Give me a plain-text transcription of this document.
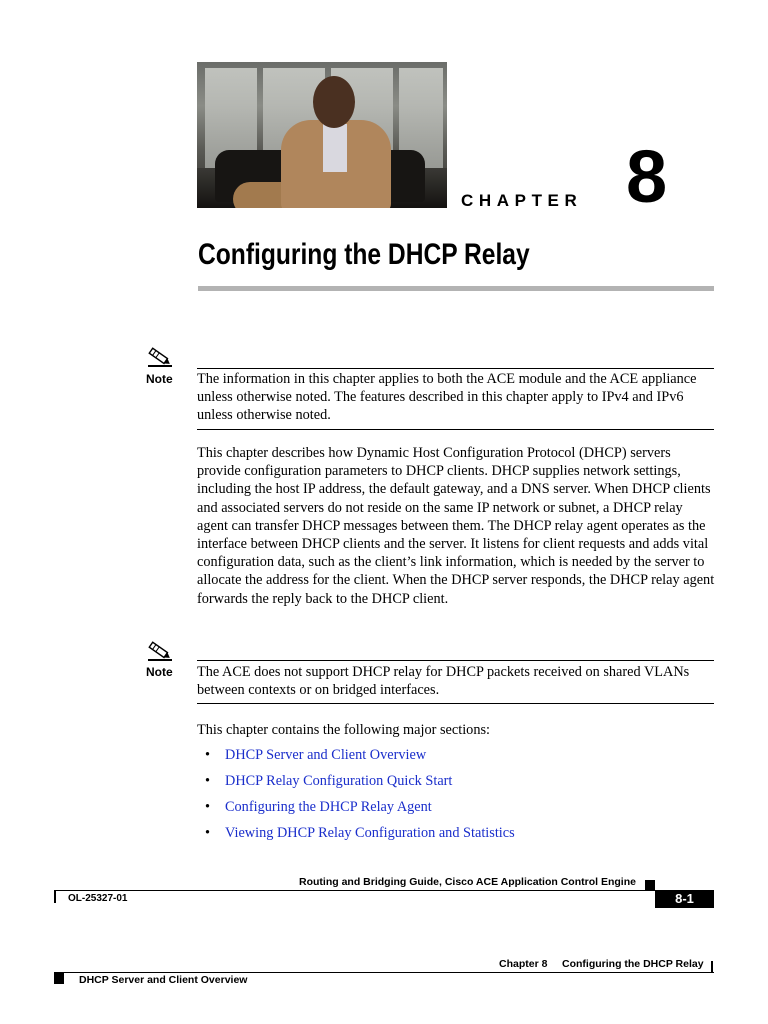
CHAPTER 8
Configuring the DHCP Relay
Note The information in this chapter applies to both the ACE module and the ACE appliance unless otherwise noted. The features described in this chapter apply to IPv4 and IPv6 unless otherwise noted.
This chapter describes how Dynamic Host Configuration Protocol (DHCP) servers provide configuration parameters to DHCP clients. DHCP supplies network settings, including the host IP address, the default gateway, and a DNS server. When DHCP clients and associated servers do not reside on the same IP network or subnet, a DHCP relay agent can transfer DHCP messages between them. The DHCP relay agent operates as the interface between DHCP clients and the server. It listens for client requests and adds vital configuration data, such as the client’s link information, which is needed by the server to allocate the address for the client. When the DHCP server responds, the DHCP relay agent forwards the reply back to the DHCP client.
Note The ACE does not support DHCP relay for DHCP packets received on shared VLANs between contexts or on bridged interfaces.
This chapter contains the following major sections:
• DHCP Server and Client Overview
• DHCP Relay Configuration Quick Start
• Configuring the DHCP Relay Agent
• Viewing DHCP Relay Configuration and Statistics
Routing and Bridging Guide, Cisco ACE Application Control Engine
OL-25327-01	8-1
Chapter 8 Configuring the DHCP Relay
DHCP Server and Client Overview
